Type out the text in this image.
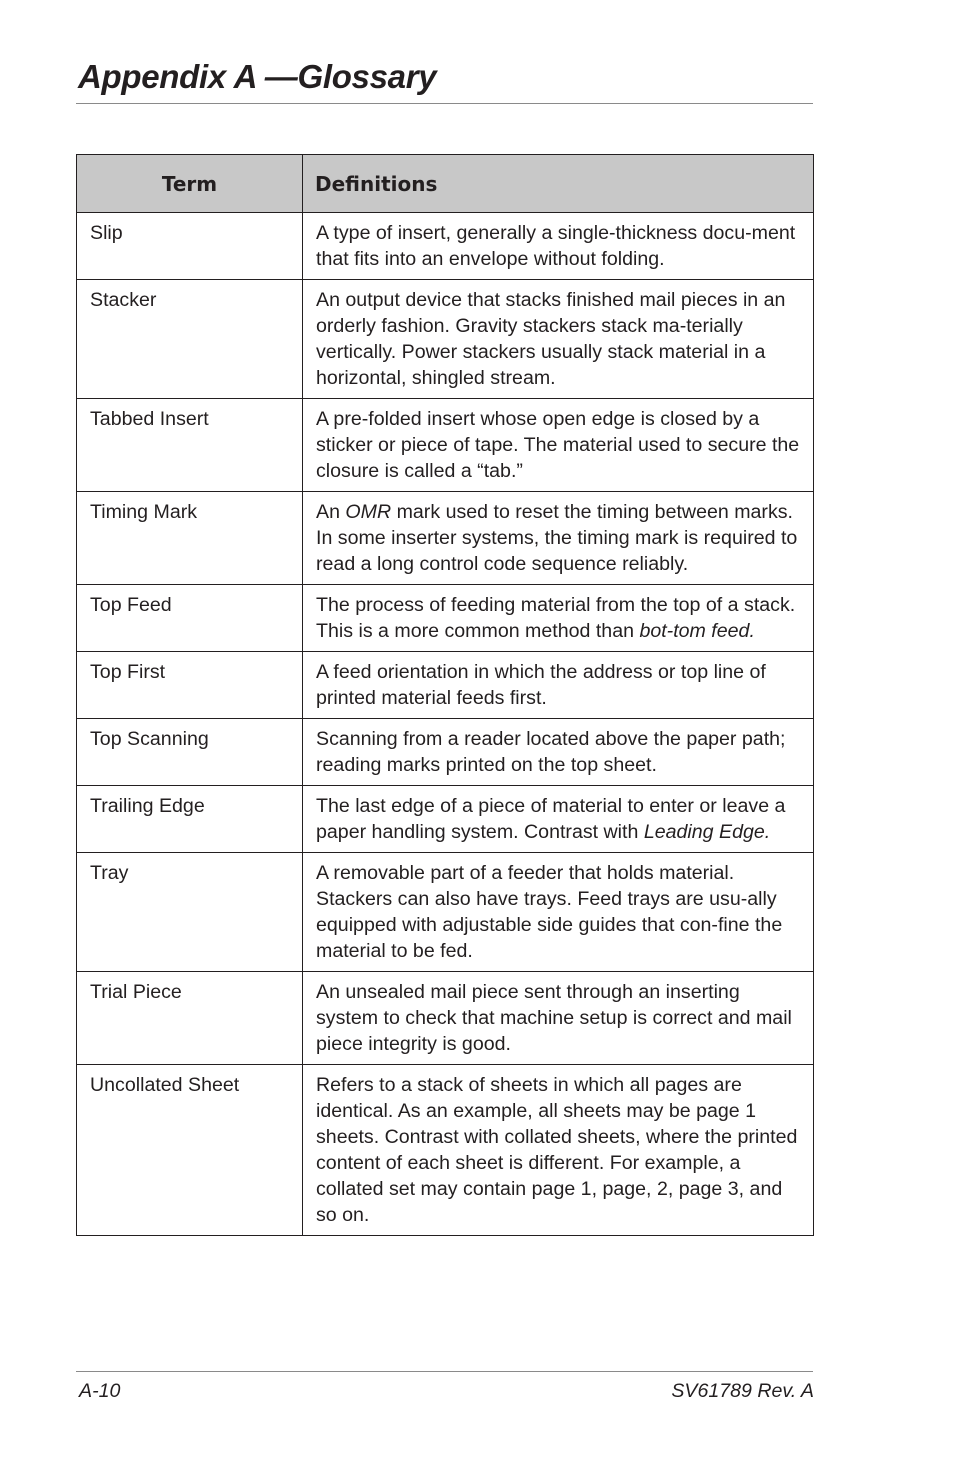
Appendix A —Glossary
Term	Definitions
Slip	A type of insert, generally a single-thickness docu-ment that fits into an envelope without folding.
Stacker	An output device that stacks finished mail pieces in an orderly fashion. Gravity stackers stack ma-terially vertically. Power stackers usually stack material in a horizontal, shingled stream.
Tabbed Insert	A pre-folded insert whose open edge is closed by a sticker or piece of tape. The material used to secure the closure is called a “tab.”
Timing Mark	An OMR mark used to reset the timing between marks. In some inserter systems, the timing mark is required to read a long control code sequence reliably.
Top Feed	The process of feeding material from the top of a stack. This is a more common method than bot-tom feed.
Top First	A feed orientation in which the address or top line of printed material feeds first.
Top Scanning	Scanning from a reader located above the paper path; reading marks printed on the top sheet.
Trailing Edge	The last edge of a piece of material to enter or leave a paper handling system. Contrast with Leading Edge.
Tray	A removable part of a feeder that holds material. Stackers can also have trays. Feed trays are usu-ally equipped with adjustable side guides that con-fine the material to be fed.
Trial Piece	An unsealed mail piece sent through an inserting system to check that machine setup is correct and mail piece integrity is good.
Uncollated Sheet	Refers to a stack of sheets in which all pages are identical. As an example, all sheets may be page 1 sheets. Contrast with collated sheets, where the printed content of each sheet is different. For example, a collated set may contain page 1, page, 2, page 3, and so on.
A-10	SV61789 Rev. A
